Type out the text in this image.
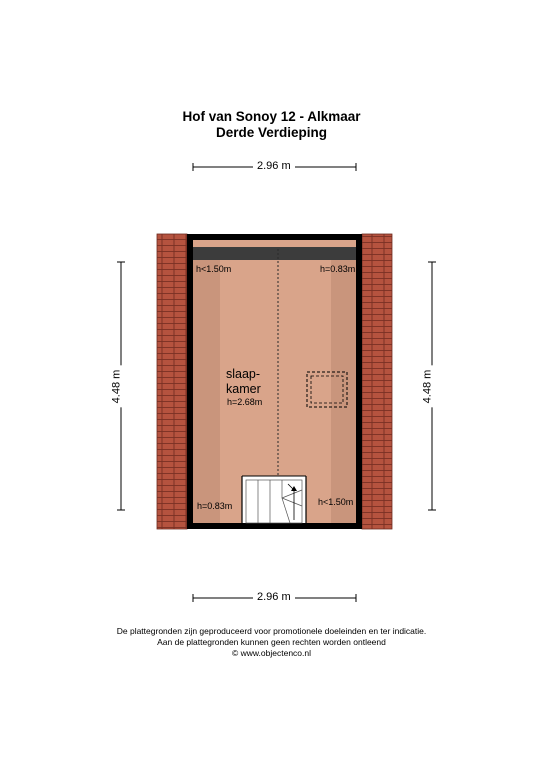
Hof van Sonoy 12 - Alkmaar
Derde Verdieping
2.96 m
2.96 m
4.48 m	4.48 m
h<1.50m	h=0.83m
h=0.83m	h<1.50m
slaap-
kamer
h=2.68m
De plattegronden zijn geproduceerd voor promotionele doeleinden en ter indicatie.
Aan de plattegronden kunnen geen rechten worden ontleend
© www.objectenco.nl
